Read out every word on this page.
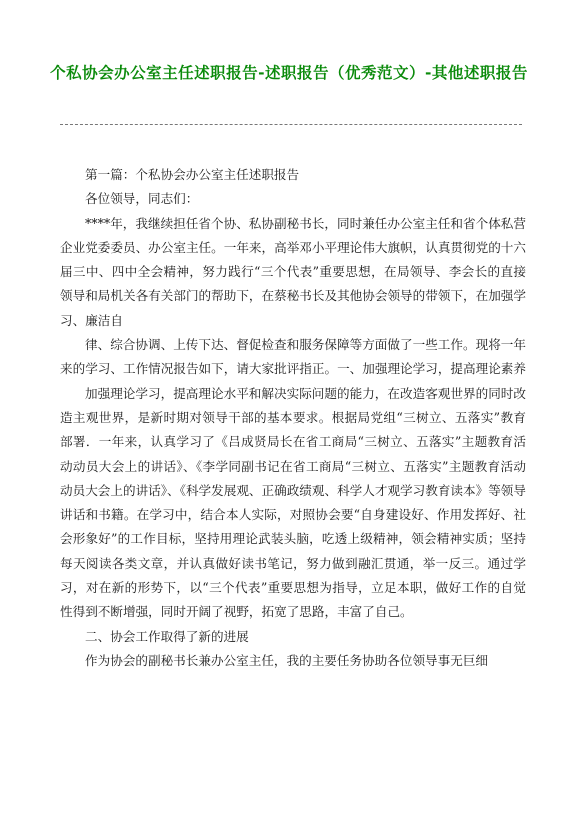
个私协会办公室主任述职报告-述职报告（优秀范文）-其他述职报告

第一篇：个私协会办公室主任述职报告

各位领导，同志们：

****年，我继续担任省个协、私协副秘书长，同时兼任办公室主任和省个体私营企业党委委员、办公室主任。一年来，高举邓小平理论伟大旗帜，认真贯彻党的十六届三中、四中全会精神，努力践行“三个代表”重要思想，在局领导、李会长的直接领导和局机关各有关部门的帮助下，在蔡秘书长及其他协会领导的带领下，在加强学习、廉洁自

律、综合协调、上传下达、督促检查和服务保障等方面做了一些工作。现将一年来的学习、工作情况报告如下，请大家批评指正。一、加强理论学习，提高理论素养

加强理论学习，提高理论水平和解决实际问题的能力，在改造客观世界的同时改造主观世界，是新时期对领导干部的基本要求。根据局党组“三树立、五落实”教育部署．一年来，认真学习了《吕成贤局长在省工商局“三树立、五落实”主题教育活动动员大会上的讲话》、《李学同副书记在省工商局“三树立、五落实”主题教育活动动员大会上的讲话》、《科学发展观、正确政绩观、科学人才观学习教育读本》等领导讲话和书籍。在学习中，结合本人实际，对照协会要“自身建设好、作用发挥好、社会形象好”的工作目标，坚持用理论武装头脑，吃透上级精神，领会精神实质；坚持每天阅读各类文章，并认真做好读书笔记，努力做到融汇贯通，举一反三。通过学习，对在新的形势下，以“三个代表”重要思想为指导，立足本职，做好工作的自觉性得到不断增强，同时开阔了视野，拓宽了思路，丰富了自己。

二、协会工作取得了新的进展

作为协会的副秘书长兼办公室主任，我的主要任务协助各位领导事无巨细
